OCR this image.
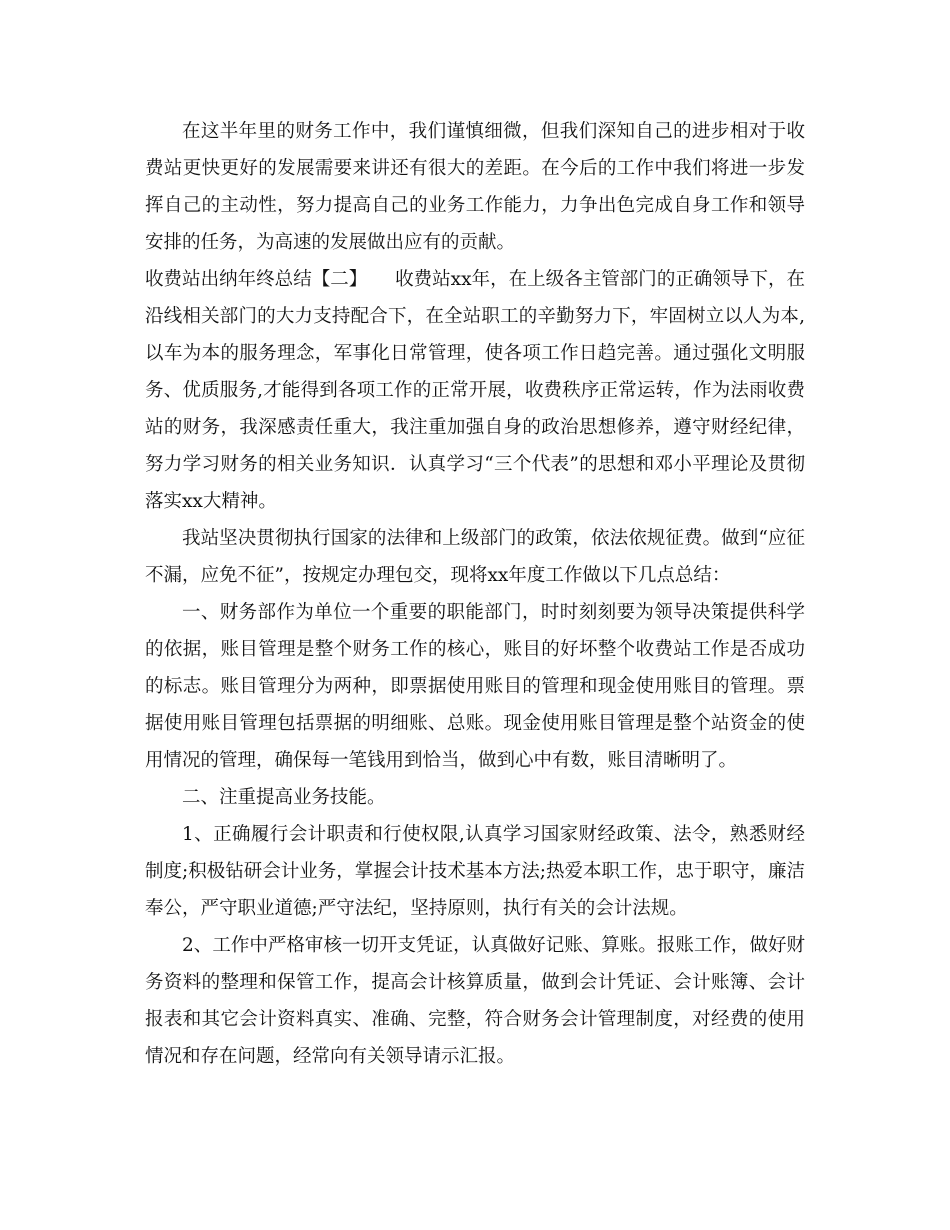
在这半年里的财务工作中，我们谨慎细微，但我们深知自己的进步相对于收费站更快更好的发展需要来讲还有很大的差距。在今后的工作中我们将进一步发挥自己的主动性，努力提高自己的业务工作能力，力争出色完成自身工作和领导安排的任务，为高速的发展做出应有的贡献。

收费站出纳年终总结【二】　　收费站xx年，在上级各主管部门的正确领导下，在沿线相关部门的大力支持配合下，在全站职工的辛勤努力下，牢固树立以人为本,以车为本的服务理念，军事化日常管理，使各项工作日趋完善。通过强化文明服务、优质服务,才能得到各项工作的正常开展，收费秩序正常运转，作为法雨收费站的财务，我深感责任重大，我注重加强自身的政治思想修养，遵守财经纪律，努力学习财务的相关业务知识．认真学习“三个代表”的思想和邓小平理论及贯彻落实xx大精神。

我站坚决贯彻执行国家的法律和上级部门的政策，依法依规征费。做到“应征不漏，应免不征”，按规定办理包交，现将xx年度工作做以下几点总结：

一、财务部作为单位一个重要的职能部门，时时刻刻要为领导决策提供科学的依据，账目管理是整个财务工作的核心，账目的好坏整个收费站工作是否成功的标志。账目管理分为两种，即票据使用账目的管理和现金使用账目的管理。票据使用账目管理包括票据的明细账、总账。现金使用账目管理是整个站资金的使用情况的管理，确保每一笔钱用到恰当，做到心中有数，账目清晰明了。

二、注重提高业务技能。

1、正确履行会计职责和行使权限,认真学习国家财经政策、法令，熟悉财经制度;积极钻研会计业务，掌握会计技术基本方法;热爱本职工作，忠于职守，廉洁奉公，严守职业道德;严守法纪，坚持原则，执行有关的会计法规。

2、工作中严格审核一切开支凭证，认真做好记账、算账。报账工作，做好财务资料的整理和保管工作，提高会计核算质量，做到会计凭证、会计账簿、会计报表和其它会计资料真实、准确、完整，符合财务会计管理制度，对经费的使用情况和存在问题，经常向有关领导请示汇报。
